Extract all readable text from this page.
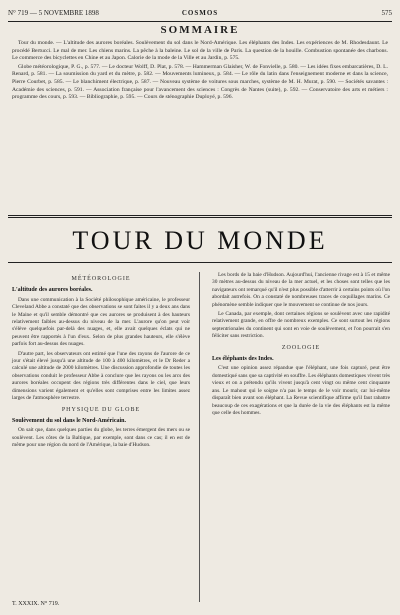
N° 719 — 5 NOVEMBRE 1898	COSMOS	575
SOMMAIRE

Tour du monde. — L'altitude des aurores boréales. Soulèvement du sol dans le Nord-Amérique. Les éléphants des Indes. Les expériences de M. Rhodesdaunt. Le procédé Bertucci. Le mal de mer. Les chiens marins. La pêche à la baleine. Le sol de la ville de Paris. La question de la houille. Combustion spontanée des charbons. Le commerce des bicyclettes en Chine et au Japon. Calorie de la mode de la Ville et au Jardin, p. 575.

Globe météorologique, P. G., p. 577. — Le docteur Wolff, D. Plat, p. 578. — Hammerman Glaisher, W. de Fonvielle, p. 580. — Les idées fixes embarcatières, D. L. Renard, p. 581. — La soumission du yard et du mètre, p. 582. — Mouvements lumineux, p. 584. — Le rôle du latin dans l'enseignement moderne et dans la science, Pierre Courbet, p. 585. — Le blanchiment électrique, p. 587. — Nouveau système de voitures sous marches, système de M. H. Murat, p. 590. — Sociétés savantes : Académie des sciences, p. 591. — Association française pour l'avancement des sciences : Congrès de Nantes (suite), p. 592. — Conservatoire des arts et métiers : programme des cours, p. 593. — Bibliographie, p. 595. — Cours de sténographie Duployé, p. 596.

TOUR DU MONDE
MÉTÉOROLOGIE
L'altitude des aurores boréales.

Dans une communication à la Société philosophique américaine, le professeur Cleveland Abbe a constaté que des observations se sont faites il y a deux ans dans le Maine et qu'il semble démontré que ces aurores se produisent à des hauteurs relativement faibles au-dessus du niveau de la mer. L'aurore qu'on peut voir s'élève quelquefois par-delà des nuages, et, elle avait quelques éclats qui ne peuvent être rapportés à l'un d'eux. Selon de plus grandes hauteurs, elle s'élève parfois fort au-dessus des nuages.

D'autre part, les observateurs ont estimé que l'une des rayons de l'aurore de ce jour s'était élevé jusqu'à une altitude de 100 à 400 kilomètres, et le Dr Reder a calculé une altitude de 2000 kilomètres. Une discussion approfondie de toutes les observations conduit le professeur Abbe à conclure que les rayons ou les arcs des aurores boréales occupent des régions très différentes dans le ciel, que leurs dimensions varient également et qu'elles sont comprises entre les limites assez larges de l'atmosphère terrestre.

PHYSIQUE DU GLOBE
Soulèvement du sol dans le Nord-Américain.

On sait que, dans quelques parties du globe, les terres émergent des mers ou se soulèvent. Les côtes de la Baltique, par exemple, sont dans ce cas; il en est de même pour une région du nord de l'Amérique, la baie d'Hudson.

Les bords de la baie d'Hudson. Aujourd'hui, l'ancienne rivage est à 15 et même 30 mètres au-dessus du niveau de la mer actuel, et les choses sont telles que les navigateurs ont remarqué qu'il n'est plus possible d'atterrir à certains points où l'on abordait autrefois. On a constaté de nombreuses traces de coquillages marins. Ce phénomène semble indiquer que le mouvement se continue de nos jours.

Le Canada, par exemple, dont certaines régions se soulèvent avec une rapidité relativement grande, en offre de nombreux exemples. Ce sont surtout les régions septentrionales du continent qui sont en voie de soulèvement, et l'on pourrait s'en féliciter sans restriction.

ZOOLOGIE
Les éléphants des Indes.

C'est une opinion assez répandue que l'éléphant, une fois capturé, peut être domestiqué sans que sa captivité en souffre. Les éléphants domestiques vivent très vieux et on a prétendu qu'ils vivent jusqu'à cent vingt ou même cent cinquante ans. Le mahout qui le soigne n'a pas le temps de le voir mourir, car lui-même disparaît bien avant son éléphant. La Revue scientifique affirme qu'il faut rabattre beaucoup de ces exagérations et que la durée de la vie des éléphants est la même que celle des hommes.

T. XXXIX. N° 719.
